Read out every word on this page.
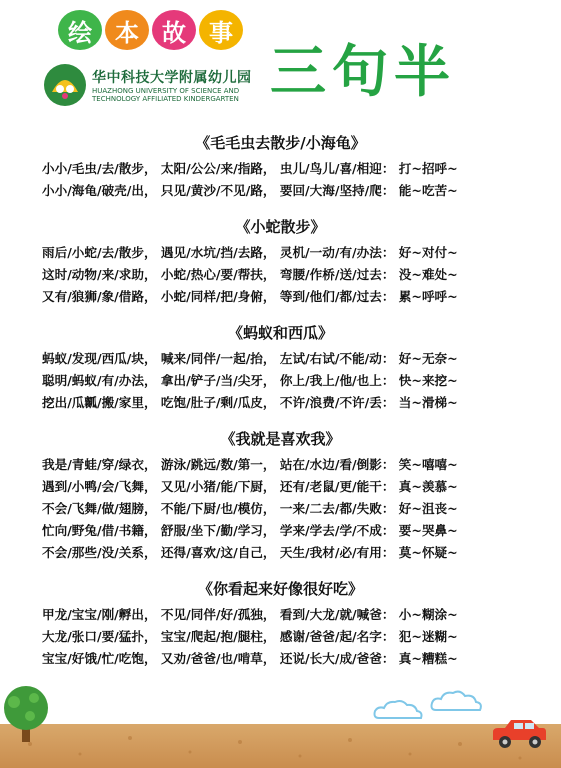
绘 本 故 事
华中科技大学附属幼儿园
HUAZHONG UNIVERSITY OF SCIENCE AND
TECHNOLOGY AFFILIATED KINDERGARTEN 三句半
《毛毛虫去散步/小海龟》
小小/毛虫/去/散步， 太阳/公公/来/指路， 虫儿/鸟儿/喜/相迎： 打~招呼~
小小/海龟/破壳/出， 只见/黄沙/不见/路， 要回/大海/坚持/爬： 能~吃苦~
《小蛇散步》
雨后/小蛇/去/散步， 遇见/水坑/挡/去路， 灵机/一动/有/办法： 好~对付~
这时/动物/来/求助， 小蛇/热心/要/帮扶， 弯腰/作桥/送/过去： 没~难处~
又有/狼狮/象/借路， 小蛇/同样/把/身俯， 等到/他们/都/过去： 累~呼呼~
《蚂蚁和西瓜》
蚂蚁/发现/西瓜/块， 喊来/同伴/一起/抬， 左试/右试/不能/动： 好~无奈~
聪明/蚂蚁/有/办法， 拿出/铲子/当/尖牙， 你上/我上/他/也上： 快~来挖~
挖出/瓜瓤/搬/家里， 吃饱/肚子/剩/瓜皮， 不许/浪费/不许/丢： 当~滑梯~
《我就是喜欢我》
我是/青蛙/穿/绿衣， 游泳/跳远/数/第一， 站在/水边/看/倒影： 笑~嘻嘻~
遇到/小鸭/会/飞舞， 又见/小猪/能/下厨， 还有/老鼠/更/能干： 真~羡慕~
不会/飞舞/做/翅膀， 不能/下厨/也/模仿， 一来/二去/都/失败： 好~沮丧~
忙向/野兔/借/书籍， 舒服/坐下/勤/学习， 学来/学去/学/不成： 要~哭鼻~
不会/那些/没/关系， 还得/喜欢/这/自己， 天生/我材/必/有用： 莫~怀疑~
《你看起来好像很好吃》
甲龙/宝宝/刚/孵出， 不见/同伴/好/孤独， 看到/大龙/就/喊爸： 小~糊涂~
大龙/张口/要/猛扑， 宝宝/爬起/抱/腿柱， 感谢/爸爸/起/名字： 犯~迷糊~
宝宝/好饿/忙/吃饱， 又劝/爸爸/也/啃草， 还说/长大/成/爸爸： 真~糟糕~
